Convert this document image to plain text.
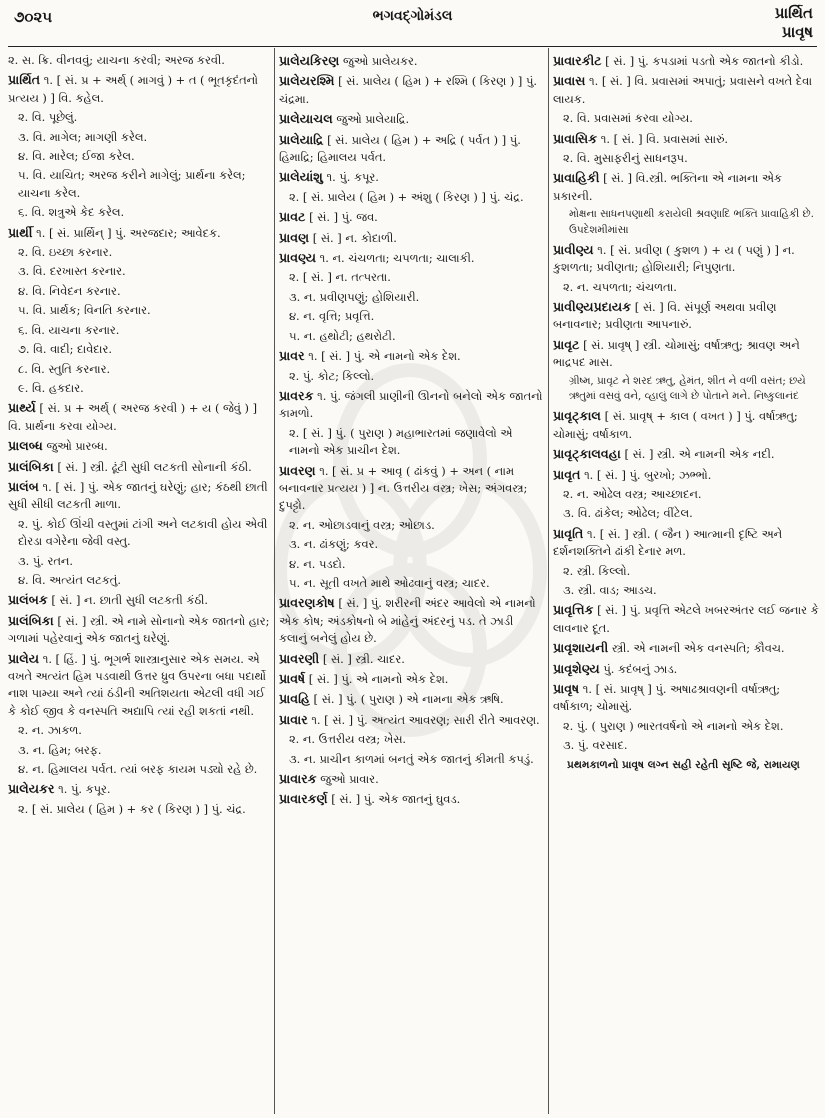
૭૦૨૫	ભગવદ્ગોમંડલ	પ્રાર્થિત
પ્રાવૃષ
૨. સ. ક્રિ. વીનવવું; યાચના કરવી; અરજ કરવી.
પ્રાર્થિત ૧. [ સં. પ્ર + અર્થ્ ( માગવું ) + ત ( ભૂતકૃદંતનો પ્રત્યય ) ] વિ. કહેલ.
૨. વિ. પૂછેલું.
૩. વિ. માગેલ; માગણી કરેલ.
૪. વિ. મારેલ; ઈજા કરેલ.
૫. વિ. યાચિત; અરજ કરીને માગેલું; પ્રાર્થના કરેલ; યાચના કરેલ.
૬. વિ. શત્રુએ કેદ કરેલ.
પ્રાર્થી ૧. [ સં. પ્રાર્થિન્ ] પું. અરજદાર; આવેદક.
૨. વિ. ઇચ્છા કરનાર.
૩. વિ. દરખાસ્ત કરનાર.
૪. વિ. નિવેદન કરનાર.
૫. વિ. પ્રાર્થક; વિનતિ કરનાર.
૬. વિ. યાચના કરનાર.
૭. વિ. વાદી; દાવેદાર.
૮. વિ. સ્તુતિ કરનાર.
૯. વિ. હકદાર.
પ્રાર્થ્ય [ સં. પ્ર + અર્થ્ ( અરજ કરવી ) + ય ( જેવું ) ] વિ. પ્રાર્થના કરવા યોગ્ય.
પ્રાલબ્ધ જુઓ પ્રારબ્ધ.
પ્રાલંબિકા [ સં. ] સ્ત્રી. ઢૂંટી સુધી લટકતી સોનાની કંઠી.
પ્રાલંબ ૧. [ સં. ] પું. એક જાતનું ઘરેણું; હાર; કંઠથી છાતી સુધી સીધી લટકતી માળા.
૨. પું. કોઈ ઊંચી વસ્તુમાં ટાંગી અને લટકાવી હોય એવી દોરડા વગેરેના જેવી વસ્તુ.
૩. પું. રતન.
૪. વિ. અત્યંત લટકતું.
પ્રાલંબક [ સં. ] ન. છાતી સુધી લટકતી કંઠી.
પ્રાલંબિકા [ સં. ] સ્ત્રી. એ નામે સોનાનો એક જાતનો હાર; ગળામાં પહેરવાનું એક જાતનું ઘરેણું.
પ્રાલેય ૧. [ હિં. ] પું. ભૂગર્ભ શાસ્ત્રાનુસાર એક સમય. એ વખતે અત્યંત હિમ પડવાથી ઉત્તર ધ્રુવ ઉપરના બધા પદાર્થો નાશ પામ્યા અને ત્યાં ઠંડીની અતિશયતા એટલી વધી ગઈ કે કોઈ જીવ કે વનસ્પતિ અદ્યાપિ ત્યાં રહી શકતાં નથી.
૨. ન. ઝાકળ.
૩. ન. હિમ; બરફ.
૪. ન. હિમાલય પર્વત. ત્યાં બરફ કાયમ પડ્યો રહે છે.
પ્રાલેયકર ૧. પું. કપૂર.
૨. [ સં. પ્રાલેય ( હિમ ) + કર ( કિરણ ) ] પું. ચંદ્ર.
પ્રાલેયકિરણ જુઓ પ્રાલેયકર.
પ્રાલેયરશ્મિ [ સં. પ્રાલેય ( હિમ ) + રશ્મિ ( કિરણ ) ] પું. ચંદ્રમા.
પ્રાલેયાચલ જુઓ પ્રાલેયાદ્રિ.
પ્રાલેયાદ્રિ [ સં. પ્રાલેય ( હિમ ) + અદ્રિ ( પર્વત ) ] પું. હિમાદ્રિ; હિમાલય પર્વત.
પ્રાલેયાંશુ ૧. પું. કપૂર.
૨. [ સં. પ્રાલેય ( હિમ ) + અંશુ ( કિરણ ) ] પું. ચંદ્ર.
પ્રાવટ [ સં. ] પું. જવ.
પ્રાવણ [ સં. ] ન. કોદાળી.
પ્રાવણ્ય ૧. ન. ચંચળતા; ચપળતા; ચાલાકી.
૨. [ સં. ] ન. તત્પરતા.
૩. ન. પ્રવીણપણું; હોશિયારી.
૪. ન. વૃત્તિ; પ્રવૃત્તિ.
૫. ન. હથોટી; હથરોટી.
પ્રાવર ૧. [ સં. ] પું. એ નામનો એક દેશ.
૨. પું. કોટ; કિલ્લો.
પ્રાવરક ૧. પું. જંગલી પ્રાણીની ઊનનો બનેલો એક જાતનો કામળો.
૨. [ સં. ] પું. ( પુરાણ ) મહાભારતમાં જણાવેલો એ નામનો એક પ્રાચીન દેશ.
પ્રાવરણ ૧. [ સં. પ્ર + આવૃ ( ઢાંકવું ) + અન ( નામ બનાવનાર પ્રત્યય ) ] ન. ઉત્તરીય વસ્ત્ર; ખેસ; અંગવસ્ત્ર; દુપટ્ટો.
૨. ન. ઓછાડવાનું વસ્ત્ર; ઓછાડ.
૩. ન. ઢાંકણું; કવર.
૪. ન. પડદો.
૫. ન. સૂતી વખતે માથે ઓઢવાનું વસ્ત્ર; ચાદર.
પ્રાવરણકોષ [ સં. ] પું. શરીરની અંદર આવેલો એ નામનો એક કોષ; અંડકોષનો બે માંહેનું અંદરનું પડ. તે ઝાડી કલાનું બનેલું હોય છે.
પ્રાવરણી [ સં. ] સ્ત્રી. ચાદર.
પ્રાવર્ષ [ સં. ] પું. એ નામનો એક દેશ.
પ્રાવહિ [ સં. ] પું. ( પુરાણ ) એ નામના એક ઋષિ.
પ્રાવાર ૧. [ સં. ] પું. અત્યંત આવરણ; સારી રીતે આવરણ.
૨. ન. ઉત્તરીય વસ્ત્ર; ખેસ.
૩. ન. પ્રાચીન કાળમાં બનતું એક જાતનું કીમતી કપડું.
પ્રાવારક જુઓ પ્રાવાર.
પ્રાવારકર્ણ [ સં. ] પું. એક જાતનું ઘુવડ.
પ્રાવારકીટ [ સં. ] પું. કપડામાં પડતો એક જાતનો કીડો.
પ્રાવાસ ૧. [ સં. ] વિ. પ્રવાસમાં અપાતું; પ્રવાસને વખતે દેવા લાયક.
૨. વિ. પ્રવાસમાં કરવા યોગ્ય.
પ્રાવાસિક ૧. [ સં. ] વિ. પ્રવાસમાં સારું.
૨. વિ. મુસાફરીનું સાધનરૂપ.
પ્રાવાહિકી [ સં. ] વિ.સ્ત્રી. ભક્તિના એ નામના એક પ્રકારની.
મોક્ષના સાધનપણાથી કરાયેલી શ્રવણાદિ ભક્તિ પ્રાવાહિકી છે. ઉપદેશમીમાંસા
પ્રાવીણ્ય ૧. [ સં. પ્રવીણ ( કુશળ ) + ય ( પણું ) ] ન. કુશળતા; પ્રવીણતા; હોશિયારી; નિપુણતા.
૨. ન. ચપળતા; ચંચળતા.
પ્રાવીણ્યપ્રદાયક [ સં. ] વિ. સંપૂર્ણ અથવા પ્રવીણ બનાવનાર; પ્રવીણતા આપનારું.
પ્રાવૃટ [ સં. પ્રાવૃષ્ ] સ્ત્રી. ચોમાસું; વર્ષાઋતુ; શ્રાવણ અને ભાદ્રપદ માસ.
ગ્રીષ્મ, પ્રાવૃટ ને શરદ ઋતુ, હેમંત, શીત ને વળી વસંત; છયે ઋતુમાં વસવું વને, વ્હાલું લાગે છે પોતાને મને. નિષ્કુલાનંદ
પ્રાવૃટ્કાલ [ સં. પ્રાવૃષ્ + કાલ ( વખત ) ] પું. વર્ષાઋતુ; ચોમાસું; વર્ષાકાળ.
પ્રાવૃટ્કાલવહા [ સં. ] સ્ત્રી. એ નામની એક નદી.
પ્રાવૃત ૧. [ સં. ] પું. બુરખો; ઝભ્ભો.
૨. ન. ઓઢેલ વસ્ત્ર; આચ્છાદન.
૩. વિ. ઢાંકેલ; ઓઢેલ; વીંટેલ.
પ્રાવૃતિ ૧. [ સં. ] સ્ત્રી. ( જૈન ) આત્માની દૃષ્ટિ અને દર્શનશક્તિને ઢાંકી દેનાર મળ.
૨. સ્ત્રી. કિલ્લો.
૩. સ્ત્રી. વાડ; આડચ.
પ્રાવૃત્તિક [ સં. ] પું. પ્રવૃત્તિ એટલે ખબરઅંતર લઈ જનાર કે લાવનાર દૂત.
પ્રાવૃશાયની સ્ત્રી. એ નામની એક વનસ્પતિ; કૌવચ.
પ્રાવૃશેણ્ય પું. કદંબનું ઝાડ.
પ્રાવૃષ ૧. [ સં. પ્રાવૃષ્ ] પું. અષાઢશ્રાવણની વર્ષાઋતુ; વર્ષાકાળ; ચોમાસું.
૨. પું. ( પુરાણ ) ભારતવર્ષનો એ નામનો એક દેશ.
૩. પું. વરસાદ.
પ્રથમકાળનો પ્રાવૃષ લગ્ન સહી રહેતી સૃષ્ટિ જે, રામાયણ
